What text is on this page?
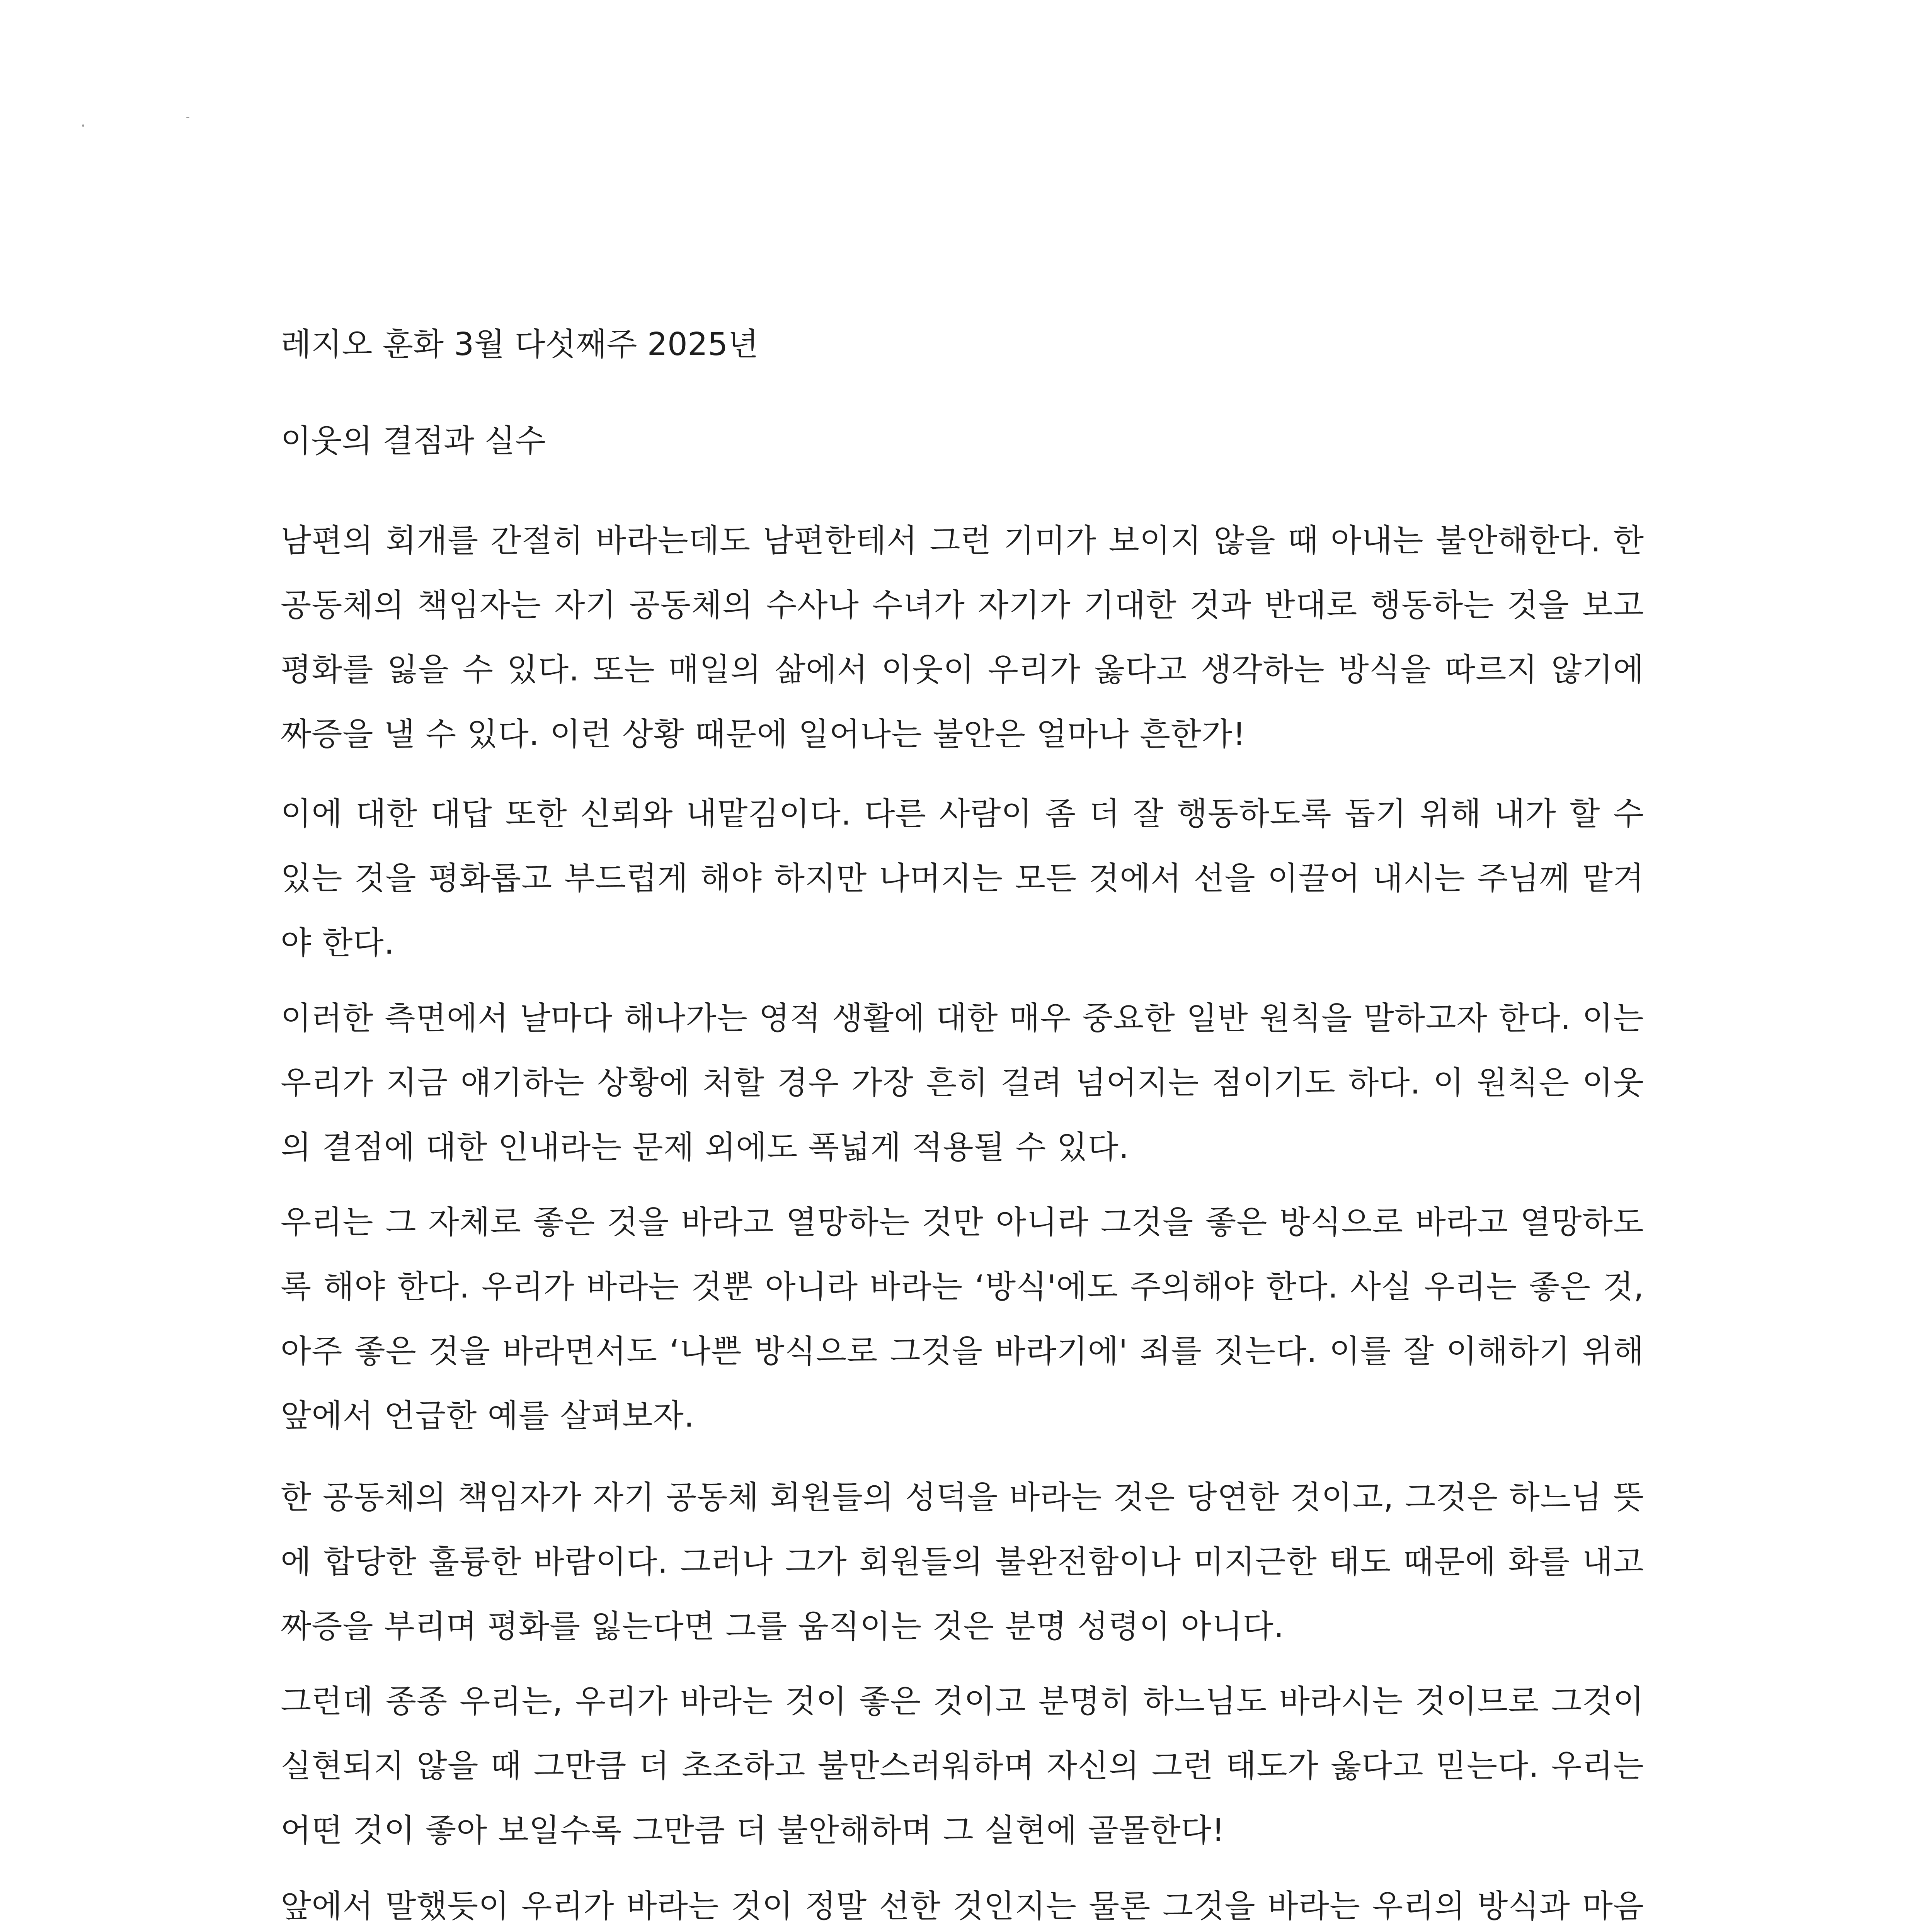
레지오 훈화 3월 다섯째주 2025년

이웃의 결점과 실수

남편의 회개를 간절히 바라는데도 남편한테서 그런 기미가 보이지 않을 때 아내는 불안해한다. 한 공동체의 책임자는 자기 공동체의 수사나 수녀가 자기가 기대한 것과 반대로 행동하는 것을 보고 평화를 잃을 수 있다. 또는 매일의 삶에서 이웃이 우리가 옳다고 생각하는 방식을 따르지 않기에 짜증을 낼 수 있다. 이런 상황 때문에 일어나는 불안은 얼마나 흔한가!

이에 대한 대답 또한 신뢰와 내맡김이다. 다른 사람이 좀 더 잘 행동하도록 돕기 위해 내가 할 수 있는 것을 평화롭고 부드럽게 해야 하지만 나머지는 모든 것에서 선을 이끌어 내시는 주님께 맡겨야 한다.

이러한 측면에서 날마다 해나가는 영적 생활에 대한 매우 중요한 일반 원칙을 말하고자 한다. 이는 우리가 지금 얘기하는 상황에 처할 경우 가장 흔히 걸려 넘어지는 점이기도 하다. 이 원칙은 이웃의 결점에 대한 인내라는 문제 외에도 폭넓게 적용될 수 있다.

우리는 그 자체로 좋은 것을 바라고 열망하는 것만 아니라 그것을 좋은 방식으로 바라고 열망하도록 해야 한다. 우리가 바라는 것뿐 아니라 바라는 ‘방식'에도 주의해야 한다. 사실 우리는 좋은 것, 아주 좋은 것을 바라면서도 ‘나쁜 방식으로 그것을 바라기에' 죄를 짓는다. 이를 잘 이해하기 위해 앞에서 언급한 예를 살펴보자.

한 공동체의 책임자가 자기 공동체 회원들의 성덕을 바라는 것은 당연한 것이고, 그것은 하느님 뜻에 합당한 훌륭한 바람이다. 그러나 그가 회원들의 불완전함이나 미지근한 태도 때문에 화를 내고 짜증을 부리며 평화를 잃는다면 그를 움직이는 것은 분명 성령이 아니다.

그런데 종종 우리는, 우리가 바라는 것이 좋은 것이고 분명히 하느님도 바라시는 것이므로 그것이 실현되지 않을 때 그만큼 더 초조하고 불만스러워하며 자신의 그런 태도가 옳다고 믿는다. 우리는 어떤 것이 좋아 보일수록 그만큼 더 불안해하며 그 실현에 골몰한다!

앞에서 말했듯이 우리가 바라는 것이 정말 선한 것인지는 물론 그것을 바라는 우리의 방식과 마음
